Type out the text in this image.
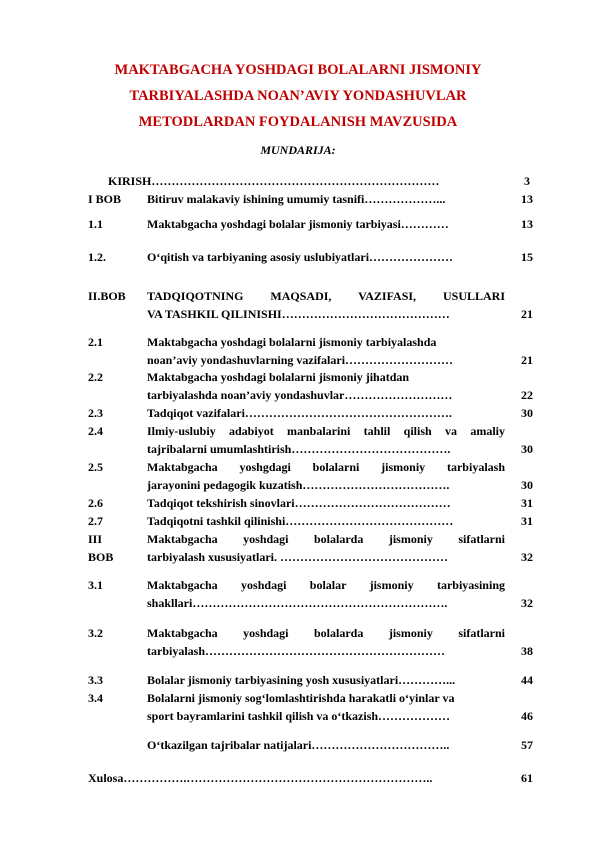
MAKTABGACHA YOSHDAGI BOLALARNI JISMONIY
TARBIYALASHDA NOAN’AVIY YONDASHUVLAR
METODLARDAN FOYDALANISH MAVZUSIDA
MUNDARIJA:
KIRISH………………………………………………………………	3
I BOB Bitiruv malakaviy ishining umumiy tasnifi………………...	13
1.1	Maktabgacha yoshdagi bolalar jismoniy tarbiyasi…………	13
1.2.	O‘qitish va tarbiyaning asosiy uslubiyatlari…………………	15
II.BOB TADQIQOTNING MAQSADI, VAZIFASI, USULLARI
VA TASHKIL QILINISHI……………………………………	21
2.1	Maktabgacha yoshdagi bolalarni jismoniy tarbiyalashda
noan’aviy yondashuvlarning vazifalari………………………	21
2.2	Maktabgacha yoshdagi bolalarni jismoniy jihatdan
tarbiyalashda noan’aviy yondashuvlar………………………	22
2.3	Tadqiqot vazifalari…………………………………………….	30
2.4	Ilmiy-uslubiy adabiyot manbalarini tahlil qilish va amaliy
tajribalarni umumlashtirish………………………………….	30
2.5	Maktabgacha yoshgdagi bolalarni jismoniy tarbiyalash
jarayonini pedagogik kuzatish……………………………….	30
2.6	Tadqiqot tekshirish sinovlari…………………………………	31
2.7	Tadqiqotni tashkil qilinishi……………………………………	31
III BOB
Maktabgacha yoshdagi bolalarda jismoniy sifatlarni
tarbiyalash xususiyatlari. ……………………………………	32
3.1	Maktabgacha yoshdagi bolalar jismoniy tarbiyasining
shakllari……………………………………………………….	32
3.2	Maktabgacha yoshdagi bolalarda jismoniy sifatlarni
tarbiyalash……………………………………………………	38
3.3	Bolalar jismoniy tarbiyasining yosh xususiyatlari…………...	44
3.4	Bolalarni jismoniy sog‘lomlashtirishda harakatli o‘yinlar va
sport bayramlarini tashkil qilish va o‘tkazish………………	46
O‘tkazilgan tajribalar natijalari……………………………..	57
Xulosa…………….……………………………………………………..	61
